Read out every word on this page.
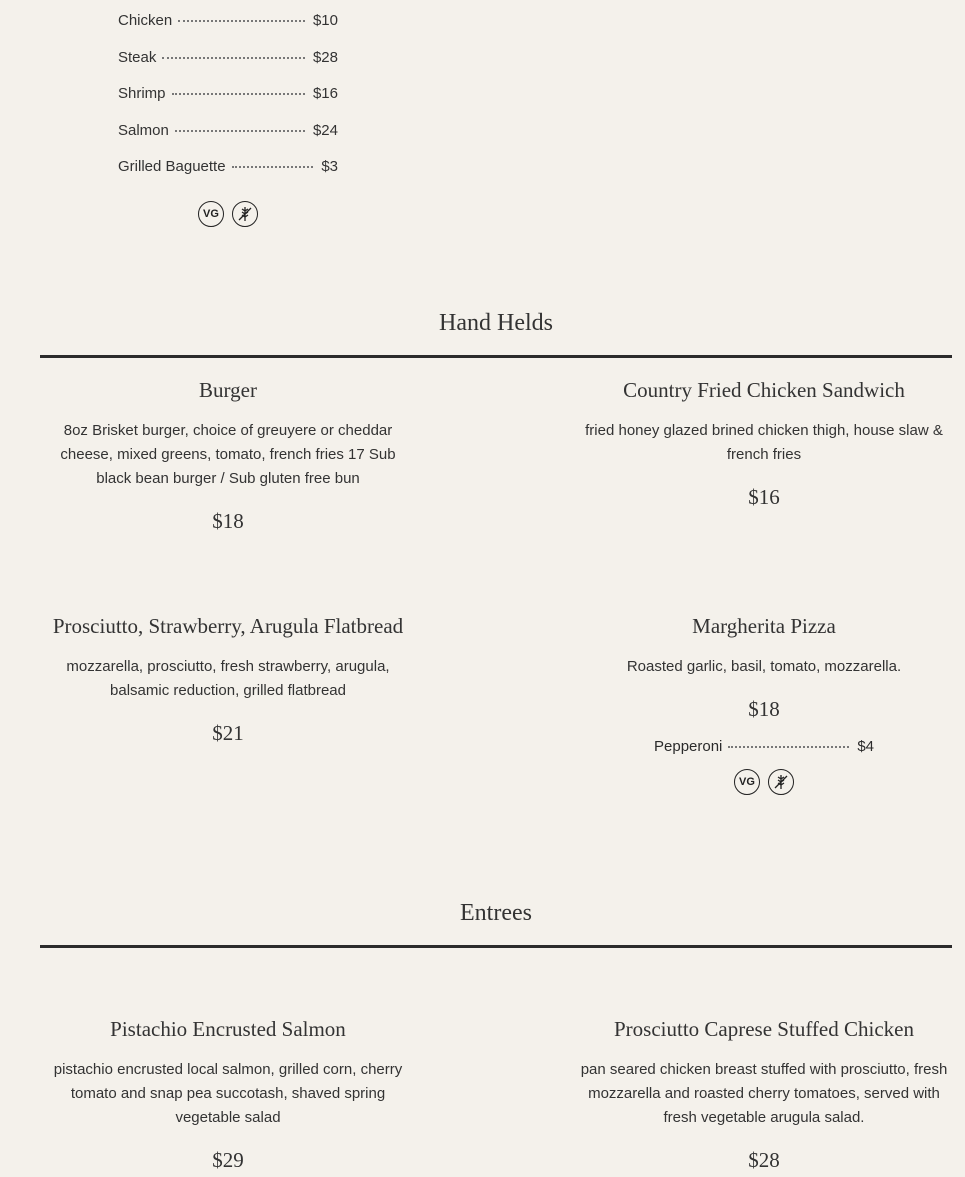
Chicken	$10
Steak	$28
Shrimp	$16
Salmon	$24
Grilled Baguette	$3
VG
Hand Helds
Burger
8oz Brisket burger, choice of greuyere or cheddar cheese, mixed greens, tomato, french fries 17 Sub black bean burger / Sub gluten free bun
$18
Country Fried Chicken Sandwich
fried honey glazed brined chicken thigh, house slaw & french fries
$16
Prosciutto, Strawberry, Arugula Flatbread
mozzarella, prosciutto, fresh strawberry, arugula, balsamic reduction, grilled flatbread
$21
Margherita Pizza
Roasted garlic, basil, tomato, mozzarella.
$18
Pepperoni	$4
VG
Entrees
Pistachio Encrusted Salmon
pistachio encrusted local salmon, grilled corn, cherry tomato and snap pea succotash, shaved spring vegetable salad
$29
Prosciutto Caprese Stuffed Chicken
pan seared chicken breast stuffed with prosciutto, fresh mozzarella and roasted cherry tomatoes, served with fresh vegetable arugula salad.
$28
